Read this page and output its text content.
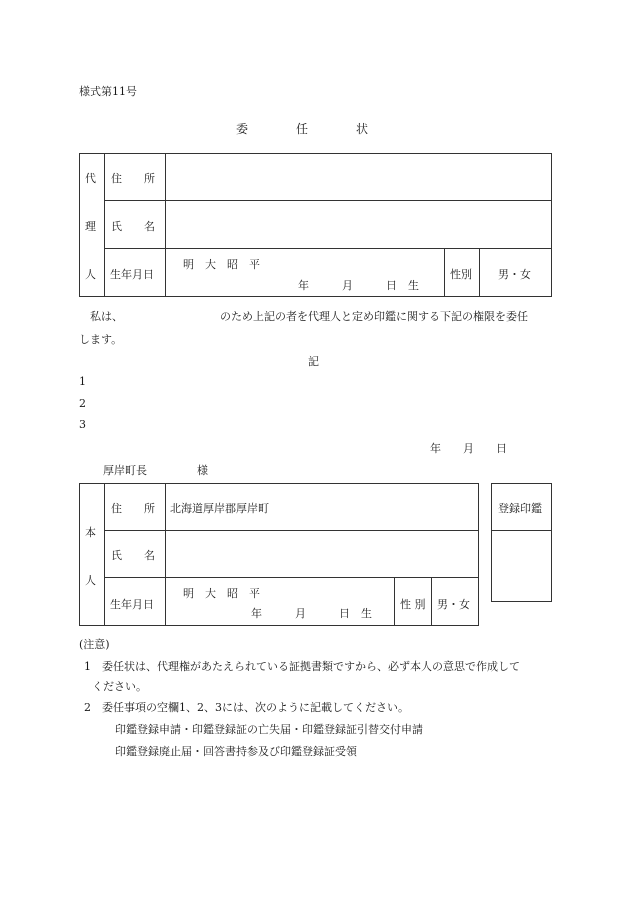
様式第11号
委　　　　任　　　　状
代
理
人
住　　所
氏　　名
生年月日
明　大　昭　平
年　　　月　　　日　生
性別 男・女
私は、	のため上記の者を代理人と定め印鑑に関する下記の権限を委任
します。
記
1
2
3
年　　月　　日
厚岸町長	様
本
人
住　　所 北海道厚岸郡厚岸町
氏　　名
生年月日
明　大　昭　平
年　　　月　　　日　生
性 別 男・女
登録印鑑
(注意)
1　委任状は、代理権があたえられている証拠書類ですから、必ず本人の意思で作成して
ください。
2　委任事項の空欄1、2、3には、次のように記載してください。
印鑑登録申請・印鑑登録証の亡失届・印鑑登録証引替交付申請
印鑑登録廃止届・回答書持参及び印鑑登録証受領
